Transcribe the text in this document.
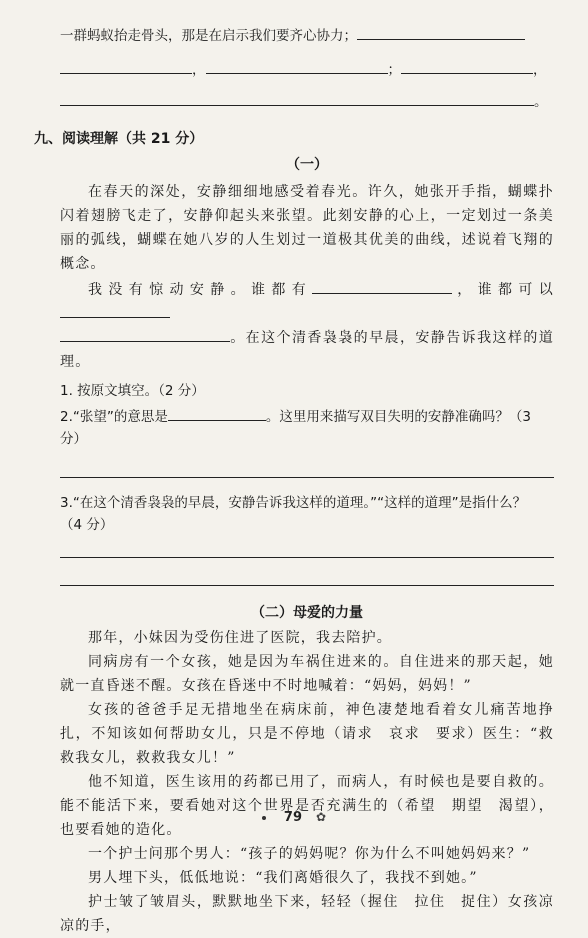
一群蚂蚁抬走骨头，那是在启示我们要齐心协力；
，	；	，
。
九、阅读理解（共 21 分）
（一）
在春天的深处，安静细细地感受着春光。许久，她张开手指，蝴蝶扑闪着翅膀飞走了，安静仰起头来张望。此刻安静的心上，一定划过一条美丽的弧线，蝴蝶在她八岁的人生划过一道极其优美的曲线，述说着飞翔的概念。
我没有惊动安静。谁都有	，谁都可以
。在这个清香袅袅的早晨，安静告诉我这样的道理。
1. 按原文填空。（2 分）
2.“张望”的意思是	。这里用来描写双目失明的安静准确吗？（3 分）
3.“在这个清香袅袅的早晨，安静告诉我这样的道理。”“这样的道理”是指什么？
（4 分）
（二）母爱的力量
那年，小妹因为受伤住进了医院，我去陪护。
同病房有一个女孩，她是因为车祸住进来的。自住进来的那天起，她就一直昏迷不醒。女孩在昏迷中不时地喊着：“妈妈，妈妈！”
女孩的爸爸手足无措地坐在病床前，神色凄楚地看着女儿痛苦地挣扎，不知该如何帮助女儿，只是不停地（请求　哀求　要求）医生：“救救我女儿，救救我女儿！”
他不知道，医生该用的药都已用了，而病人，有时候也是要自救的。能不能活下来，要看她对这个世界是否充满生的（希望　期望　渴望），也要看她的造化。
一个护士问那个男人：“孩子的妈妈呢？你为什么不叫她妈妈来？”
男人埋下头，低低地说：“我们离婚很久了，我找不到她。”
护士皱了皱眉头，默默地坐下来，轻轻（握住　拉住　捉住）女孩凉凉的手，
79 ✿
